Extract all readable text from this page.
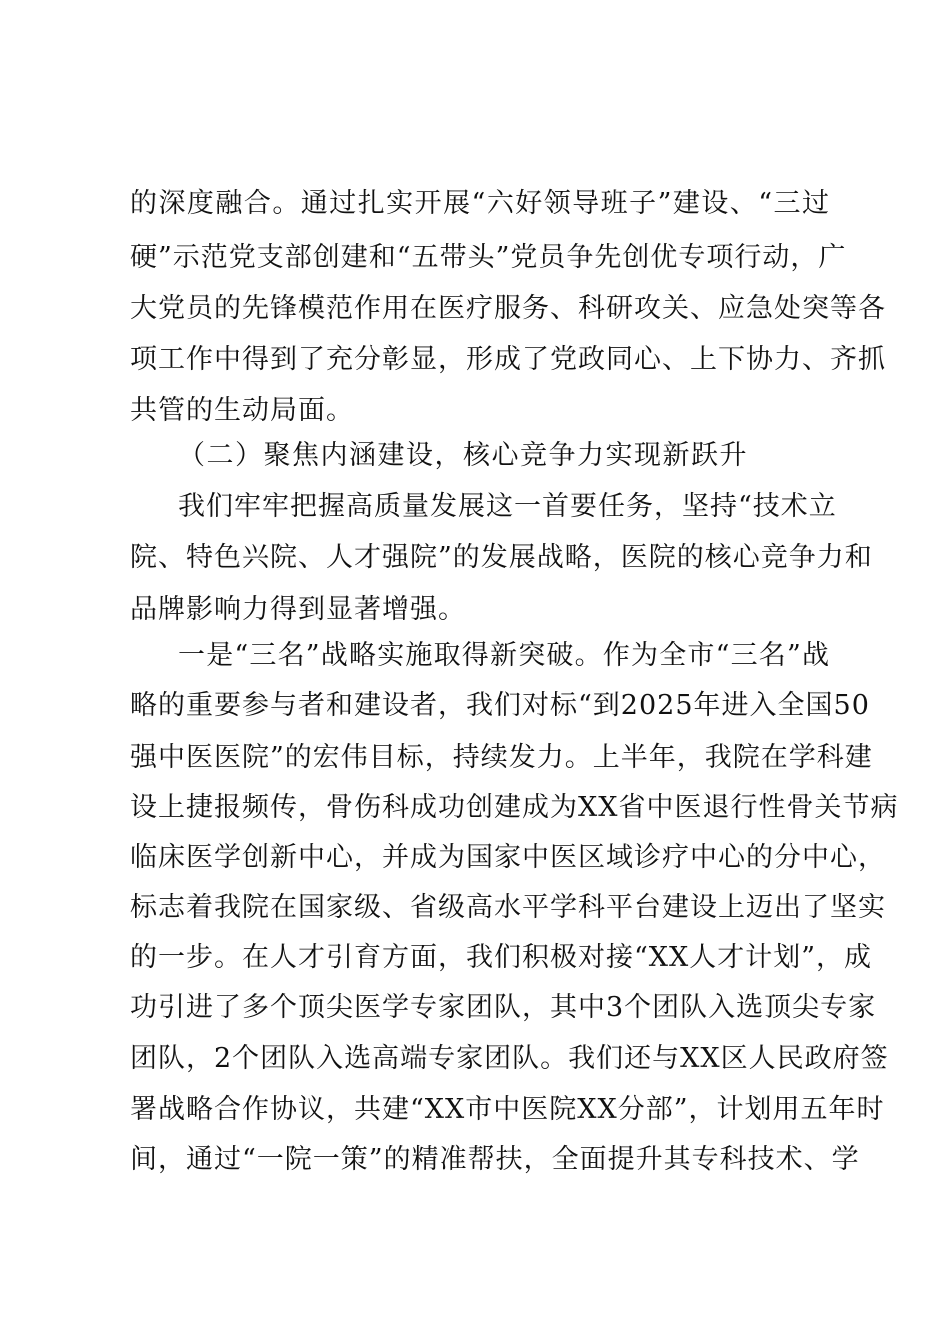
的深度融合。通过扎实开展“六好领导班子”建设、“三过
硬”示范党支部创建和“五带头”党员争先创优专项行动，广
大党员的先锋模范作用在医疗服务、科研攻关、应急处突等各
项工作中得到了充分彰显，形成了党政同心、上下协力、齐抓
共管的生动局面。
（二）聚焦内涵建设，核心竞争力实现新跃升
我们牢牢把握高质量发展这一首要任务，坚持“技术立
院、特色兴院、人才强院”的发展战略，医院的核心竞争力和
品牌影响力得到显著增强。
一是“三名”战略实施取得新突破。作为全市“三名”战
略的重要参与者和建设者，我们对标“到2025年进入全国50
强中医医院”的宏伟目标，持续发力。上半年，我院在学科建
设上捷报频传，骨伤科成功创建成为XX省中医退行性骨关节病
临床医学创新中心，并成为国家中医区域诊疗中心的分中心，
标志着我院在国家级、省级高水平学科平台建设上迈出了坚实
的一步。在人才引育方面，我们积极对接“XX人才计划”，成
功引进了多个顶尖医学专家团队，其中3个团队入选顶尖专家
团队，2个团队入选高端专家团队。我们还与XX区人民政府签
署战略合作协议，共建“XX市中医院XX分部”，计划用五年时
间，通过“一院一策”的精准帮扶，全面提升其专科技术、学
